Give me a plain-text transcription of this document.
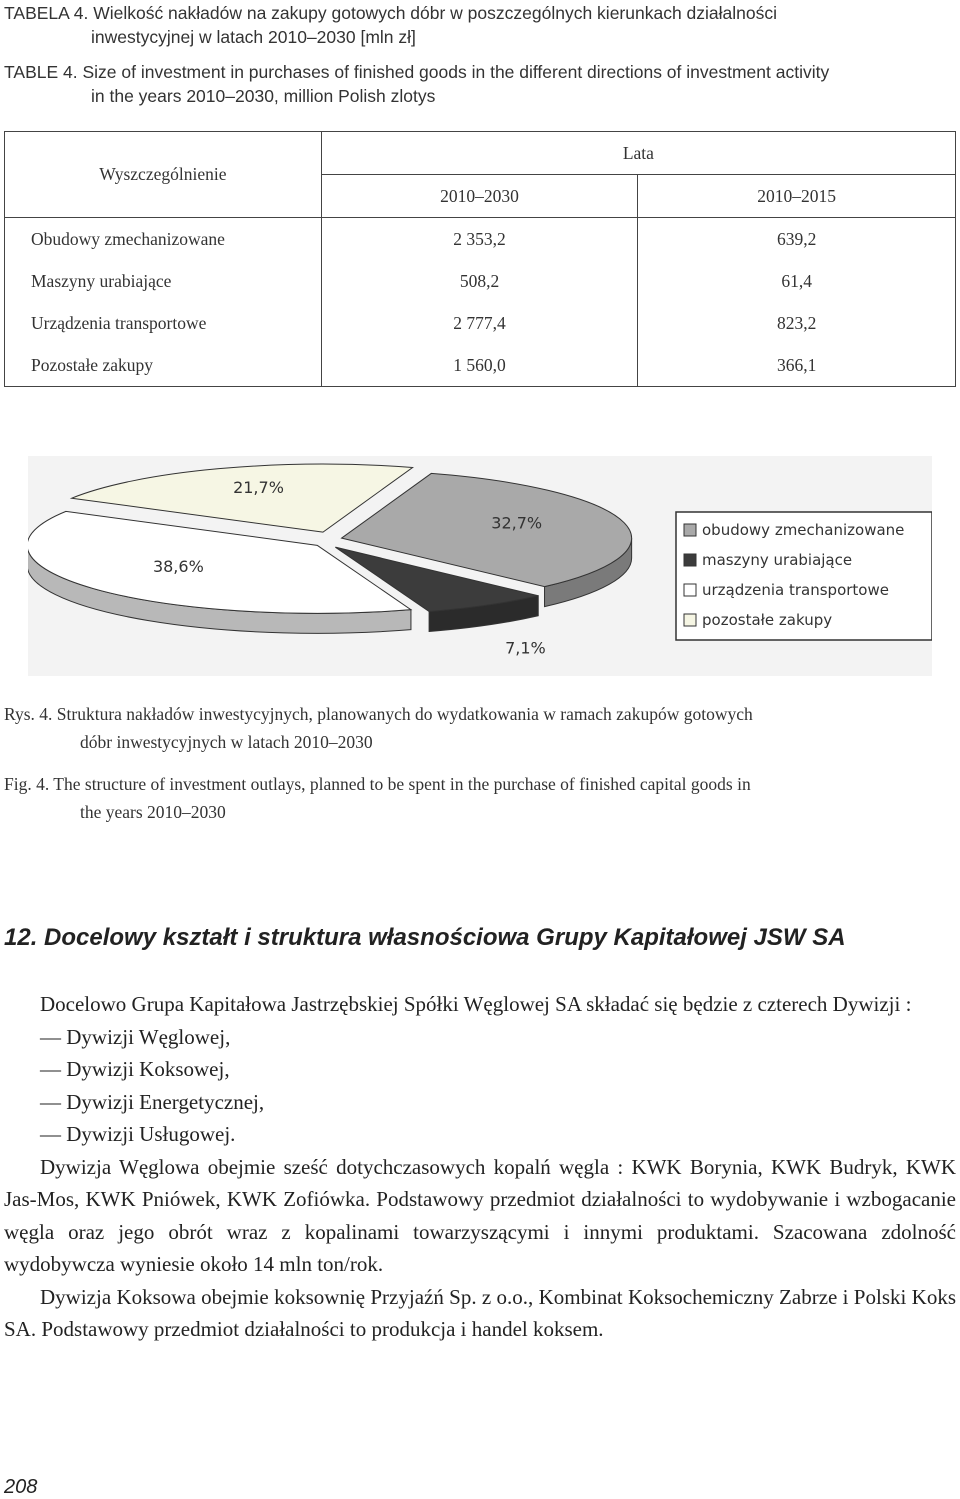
TABELA 4. Wielkość nakładów na zakupy gotowych dóbr w poszczególnych kierunkach działalności
inwestycyjnej w latach 2010–2030 [mln zł]
TABLE 4. Size of investment in purchases of finished goods in the different directions of investment activity
in the years 2010–2030, million Polish zlotys
Wyszczególnienie	Lata	
	2010–2030	2010–2015
Obudowy zmechanizowane	2 353,2	639,2
Maszyny urabiające	508,2	61,4
Urządzenia transportowe	2 777,4	823,2
Pozostałe zakupy	1 560,0	366,1
32,7%
7,1%
38,6%
21,7%
obudowy zmechanizowane
maszyny urabiające
urządzenia transportowe
pozostałe zakupy
Rys. 4. Struktura nakładów inwestycyjnych, planowanych do wydatkowania w ramach zakupów gotowych
dóbr inwestycyjnych w latach 2010–2030
Fig. 4. The structure of investment outlays, planned to be spent in the purchase of finished capital goods in
the years 2010–2030
12. Docelowy kształt i struktura własnościowa Grupy Kapitałowej JSW SA

Docelowo Grupa Kapitałowa Jastrzębskiej Spółki Węglowej SA składać się będzie z czterech Dywizji :

— Dywizji Węglowej,

— Dywizji Koksowej,

— Dywizji Energetycznej,

— Dywizji Usługowej.

Dywizja Węglowa obejmie sześć dotychczasowych kopalń węgla : KWK Borynia, KWK Budryk, KWK Jas-Mos, KWK Pniówek, KWK Zofiówka. Podstawowy przedmiot działalności to wydobywanie i wzbogacanie węgla oraz jego obrót wraz z kopalinami towarzyszącymi i innymi produktami. Szacowana zdolność wydobywcza wyniesie około 14 mln ton/rok.

Dywizja Koksowa obejmie koksownię Przyjaźń Sp. z o.o., Kombinat Koksochemiczny Zabrze i Polski Koks SA. Podstawowy przedmiot działalności to produkcja i handel koksem.

208
